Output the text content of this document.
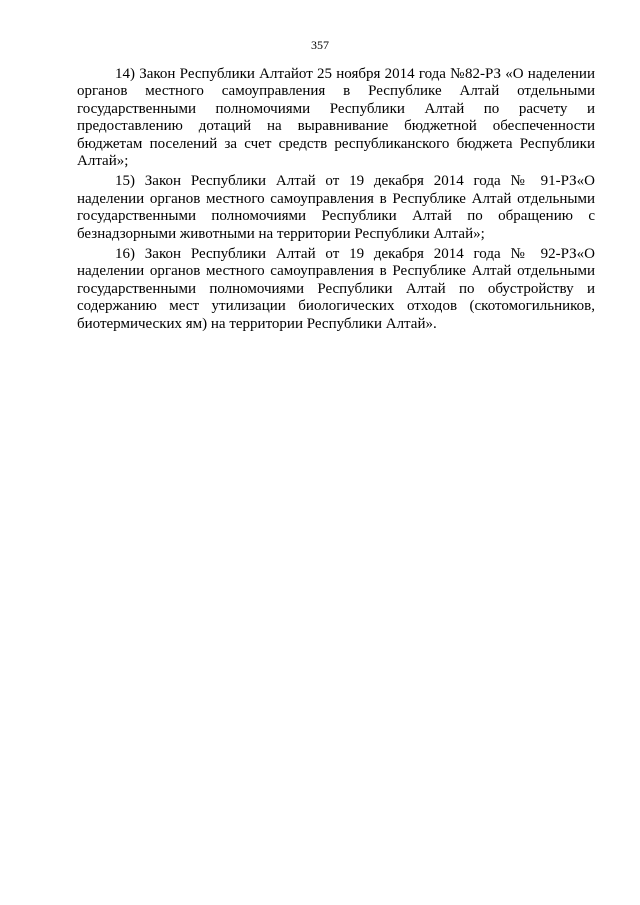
357

14) Закон Республики Алтайот 25 ноября 2014 года №82-РЗ «О наделении органов местного самоуправления в Республике Алтай отдельными государственными полномочиями Республики Алтай по расчету и предоставлению дотаций на выравнивание бюджетной обеспеченности бюджетам поселений за счет средств республиканского бюджета Республики Алтай»;

15) Закон Республики Алтай от 19 декабря 2014 года № 91-РЗ«О наделении органов местного самоуправления в Республике Алтай отдельными государственными полномочиями Республики Алтай по обращению с безнадзорными животными на территории Республики Алтай»;

16) Закон Республики Алтай от 19 декабря 2014 года № 92-РЗ«О наделении органов местного самоуправления в Республике Алтай отдельными государственными полномочиями Республики Алтай по обустройству и содержанию мест утилизации биологических отходов (скотомогильников, биотермических ям) на территории Республики Алтай».
